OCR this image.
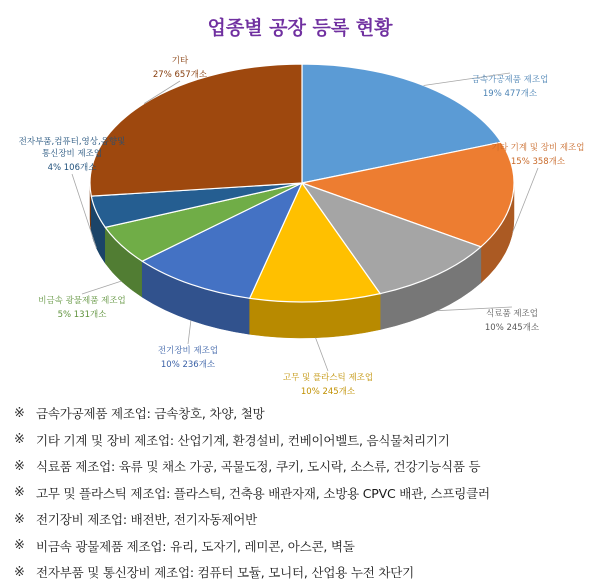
업종별 공장 등록 현황
금속가공제품 제조업
19% 477개소
기타 기계 및 장비 제조업
15% 358개소
식료품 제조업
10% 245개소
고무 및 플라스틱 제조업
10% 245개소
전기장비 제조업
10% 236개소
비금속 광물제품 제조업
5% 131개소
전자부품,컴퓨터,영상,음향및
통신장비 제조업
4% 106개소
기타
27% 657개소
※ 금속가공제품 제조업: 금속창호, 차양, 철망
※ 기타 기계 및 장비 제조업: 산업기계, 환경설비, 컨베이어벨트, 음식물처리기기
※ 식료품 제조업: 육류 및 채소 가공, 곡물도정, 쿠키, 도시락, 소스류, 건강기능식품 등
※ 고무 및 플라스틱 제조업: 플라스틱, 건축용 배관자재, 소방용 CPVC 배관, 스프링클러
※ 전기장비 제조업: 배전반, 전기자동제어반
※ 비금속 광물제품 제조업: 유리, 도자기, 레미콘, 아스콘, 벽돌
※ 전자부품 및 통신장비 제조업: 컴퓨터 모듈, 모니터, 산업용 누전 차단기
